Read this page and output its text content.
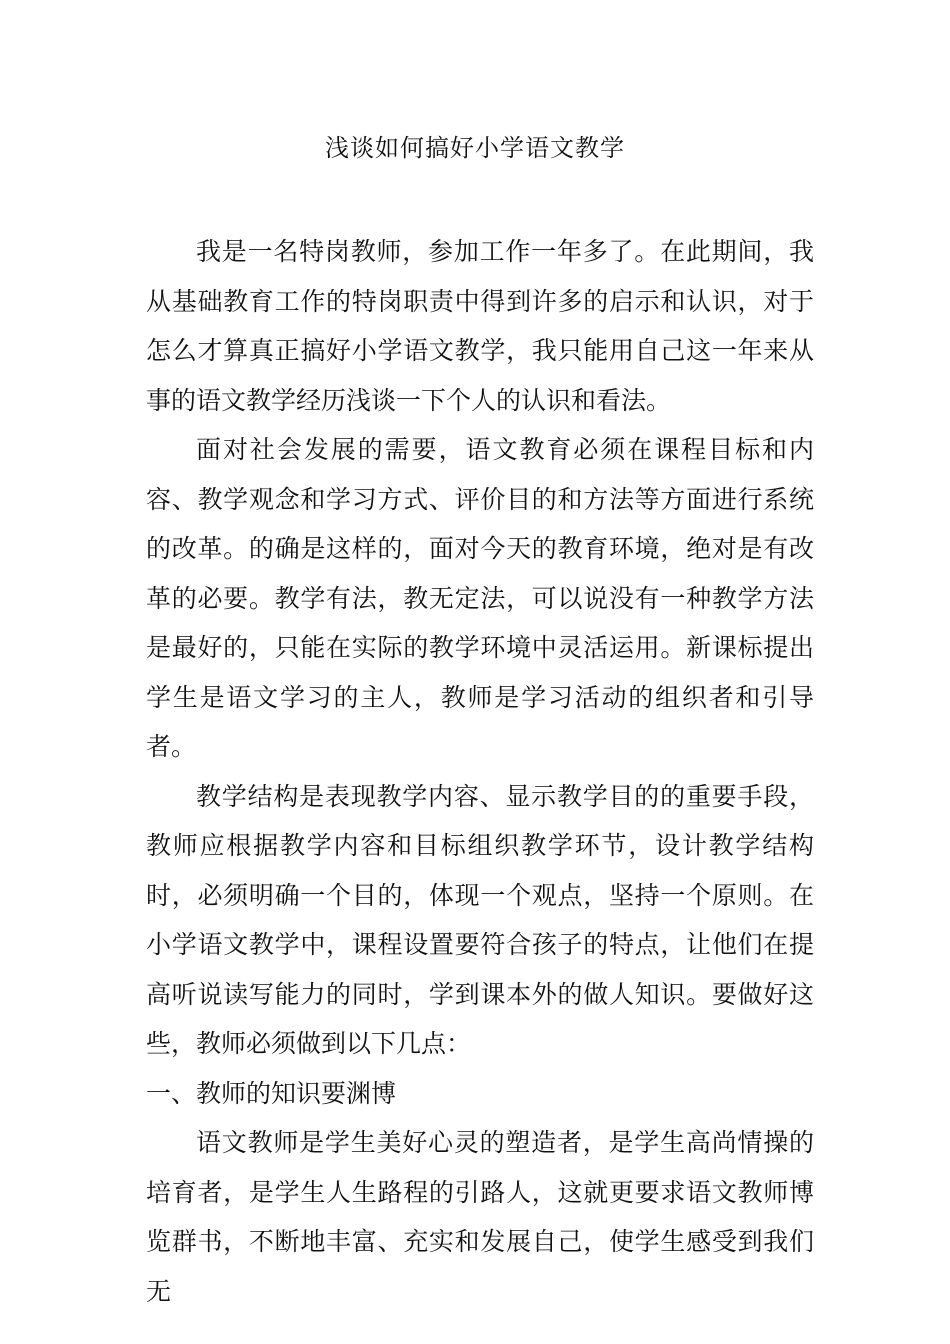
浅谈如何搞好小学语文教学

我是一名特岗教师，参加工作一年多了。在此期间，我从基础教育工作的特岗职责中得到许多的启示和认识，对于怎么才算真正搞好小学语文教学，我只能用自己这一年来从事的语文教学经历浅谈一下个人的认识和看法。

面对社会发展的需要，语文教育必须在课程目标和内容、教学观念和学习方式、评价目的和方法等方面进行系统的改革。的确是这样的，面对今天的教育环境，绝对是有改革的必要。教学有法，教无定法，可以说没有一种教学方法是最好的，只能在实际的教学环境中灵活运用。新课标提出学生是语文学习的主人，教师是学习活动的组织者和引导者。

教学结构是表现教学内容、显示教学目的的重要手段，教师应根据教学内容和目标组织教学环节，设计教学结构时，必须明确一个目的，体现一个观点，坚持一个原则。在小学语文教学中，课程设置要符合孩子的特点，让他们在提高听说读写能力的同时，学到课本外的做人知识。要做好这些，教师必须做到以下几点：

一、教师的知识要渊博

语文教师是学生美好心灵的塑造者，是学生高尚情操的培育者，是学生人生路程的引路人，这就更要求语文教师博览群书，不断地丰富、充实和发展自己，使学生感受到我们无
